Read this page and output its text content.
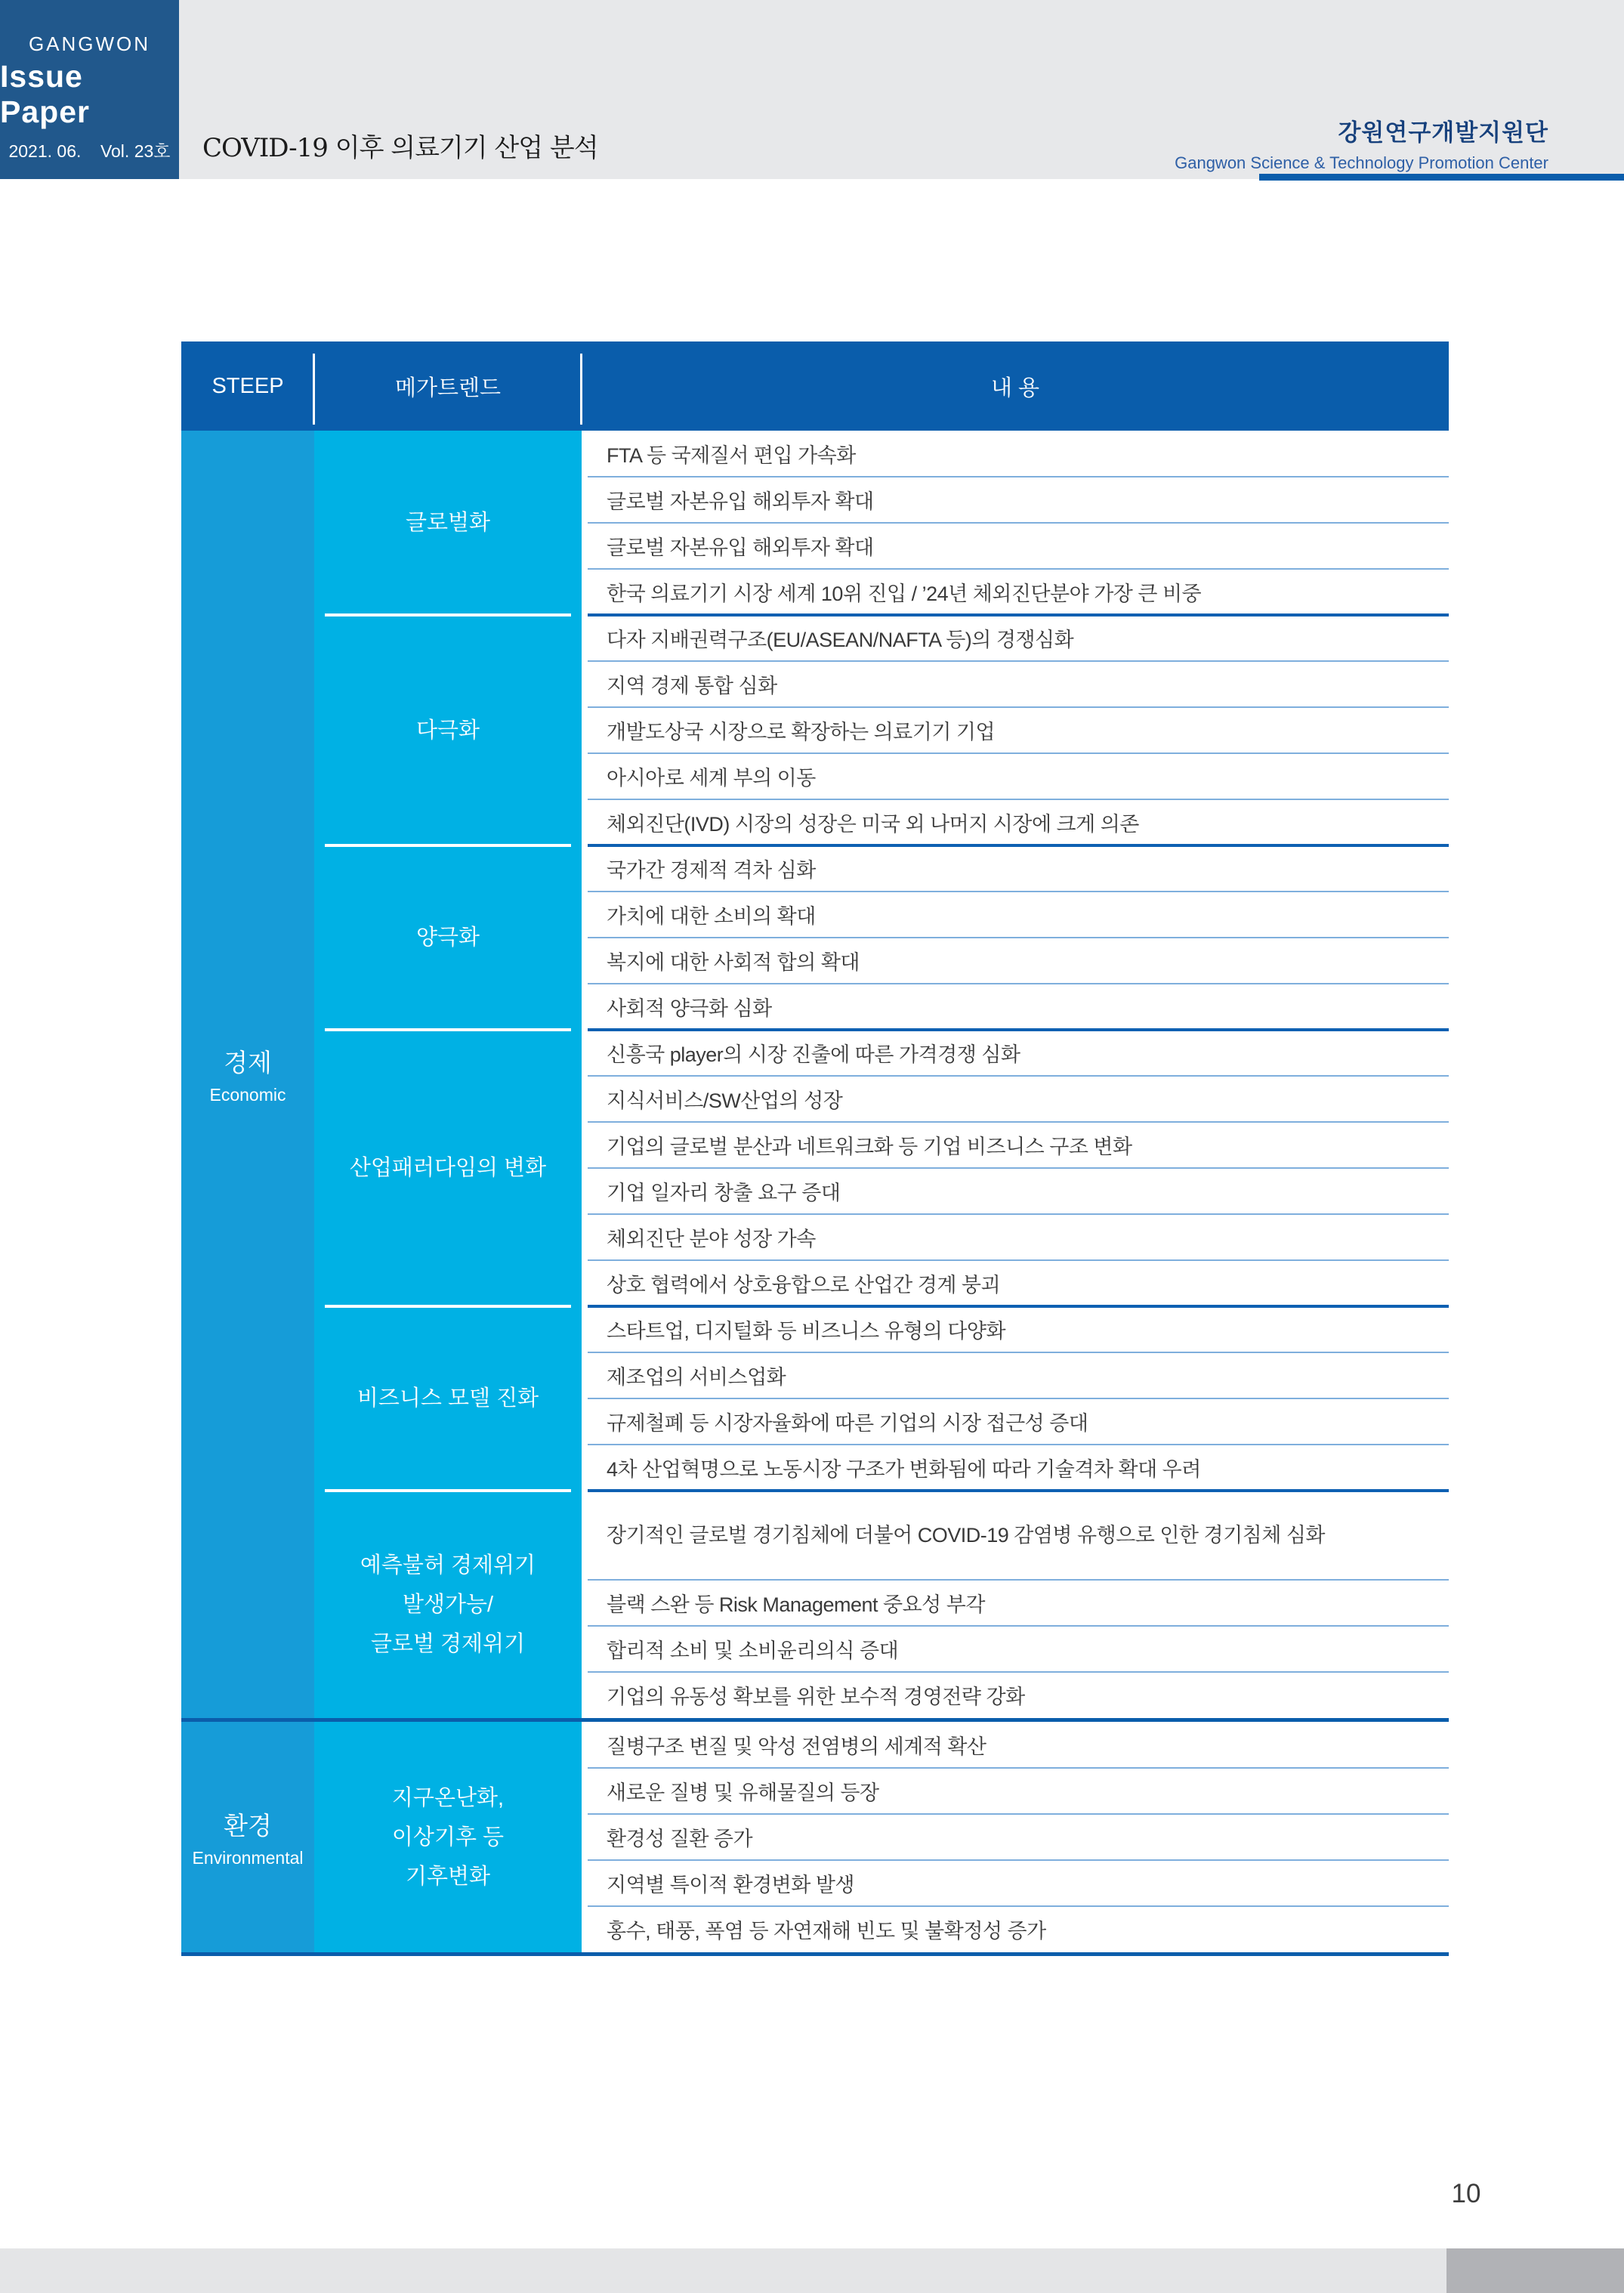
GANGWON
Issue Paper
2021. 06.    Vol. 23호 COVID-19 이후 의료기기 산업 분석
강원연구개발지원단
Gangwon Science & Technology Promotion Center
STEEP	메가트렌드	내 용
경제
Economic
글로벌화
FTA 등 국제질서 편입 가속화
글로벌 자본유입 해외투자 확대
글로벌 자본유입 해외투자 확대
한국 의료기기 시장 세계 10위 진입 / ’24년 체외진단분야 가장 큰 비중
다극화
다자 지배권력구조(EU/ASEAN/NAFTA 등)의 경쟁심화
지역 경제 통합 심화
개발도상국 시장으로 확장하는 의료기기 기업
아시아로 세계 부의 이동
체외진단(IVD) 시장의 성장은 미국 외 나머지 시장에 크게 의존
양극화
국가간 경제적 격차 심화
가치에 대한 소비의 확대
복지에 대한 사회적 합의 확대
사회적 양극화 심화
산업패러다임의 변화
신흥국 player의 시장 진출에 따른 가격경쟁 심화
지식서비스/SW산업의 성장
기업의 글로벌 분산과 네트워크화 등 기업 비즈니스 구조 변화
기업 일자리 창출 요구 증대
체외진단 분야 성장 가속
상호 협력에서 상호융합으로 산업간 경계 붕괴
비즈니스 모델 진화
스타트업, 디지털화 등 비즈니스 유형의 다양화
제조업의 서비스업화
규제철폐 등 시장자율화에 따른 기업의 시장 접근성 증대
4차 산업혁명으로 노동시장 구조가 변화됨에 따라 기술격차 확대 우려
예측불허 경제위기
발생가능/
글로벌 경제위기
장기적인 글로벌 경기침체에 더불어 COVID-19 감염병 유행으로 인한 경기침체 심화
블랙 스완 등 Risk Management 중요성 부각
합리적 소비 및 소비윤리의식 증대
기업의 유동성 확보를 위한 보수적 경영전략 강화
환경
Environmental
지구온난화,
이상기후 등
기후변화
질병구조 변질 및 악성 전염병의 세계적 확산
새로운 질병 및 유해물질의 등장
환경성 질환 증가
지역별 특이적 환경변화 발생
홍수, 태풍, 폭염 등 자연재해 빈도 및 불확정성 증가
10
